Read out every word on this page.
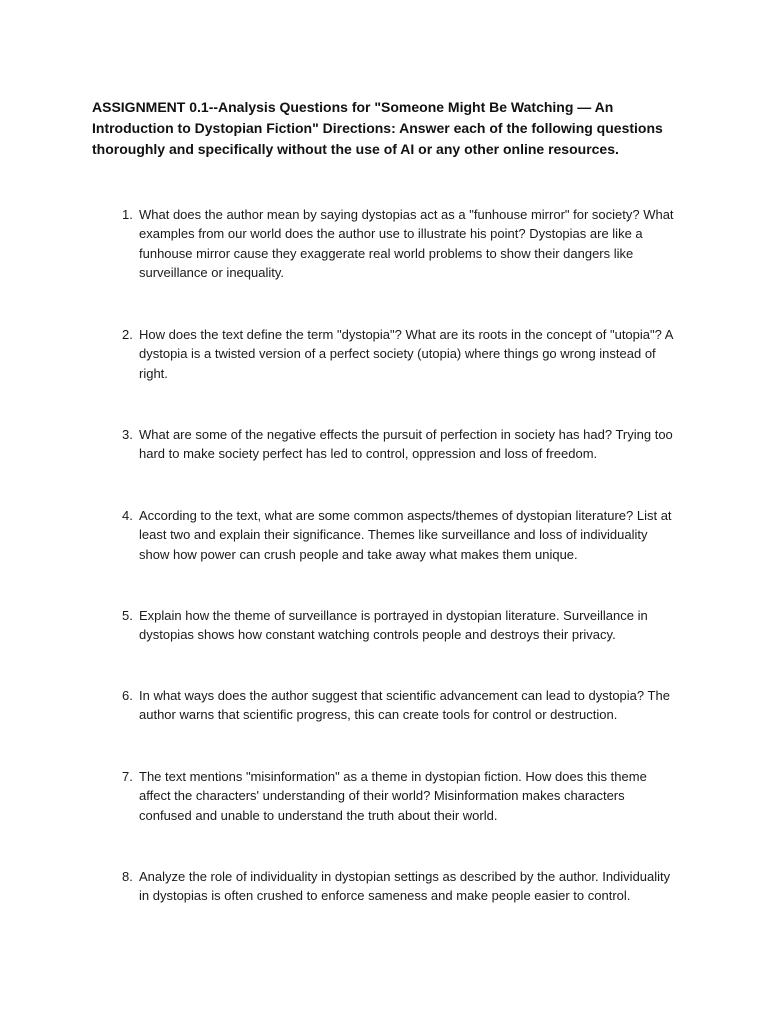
ASSIGNMENT 0.1--Analysis Questions for "Someone Might Be Watching — An Introduction to Dystopian Fiction" Directions: Answer each of the following questions thoroughly and specifically without the use of AI or any other online resources.
1. What does the author mean by saying dystopias act as a "funhouse mirror" for society? What examples from our world does the author use to illustrate his point? Dystopias are like a funhouse mirror cause they exaggerate real world problems to show their dangers like surveillance or inequality.
2. How does the text define the term "dystopia"? What are its roots in the concept of "utopia"? A dystopia is a twisted version of a perfect society (utopia) where things go wrong instead of right.
3. What are some of the negative effects the pursuit of perfection in society has had? Trying too hard to make society perfect has led to control, oppression and loss of freedom.
4. According to the text, what are some common aspects/themes of dystopian literature? List at least two and explain their significance. Themes like surveillance and loss of individuality show how power can crush people and take away what makes them unique.
5. Explain how the theme of surveillance is portrayed in dystopian literature. Surveillance in dystopias shows how constant watching controls people and destroys their privacy.
6. In what ways does the author suggest that scientific advancement can lead to dystopia? The author warns that scientific progress, this can create tools for control or destruction.
7. The text mentions "misinformation" as a theme in dystopian fiction. How does this theme affect the characters' understanding of their world? Misinformation makes characters confused and unable to understand the truth about their world.
8. Analyze the role of individuality in dystopian settings as described by the author. Individuality in dystopias is often crushed to enforce sameness and make people easier to control.
